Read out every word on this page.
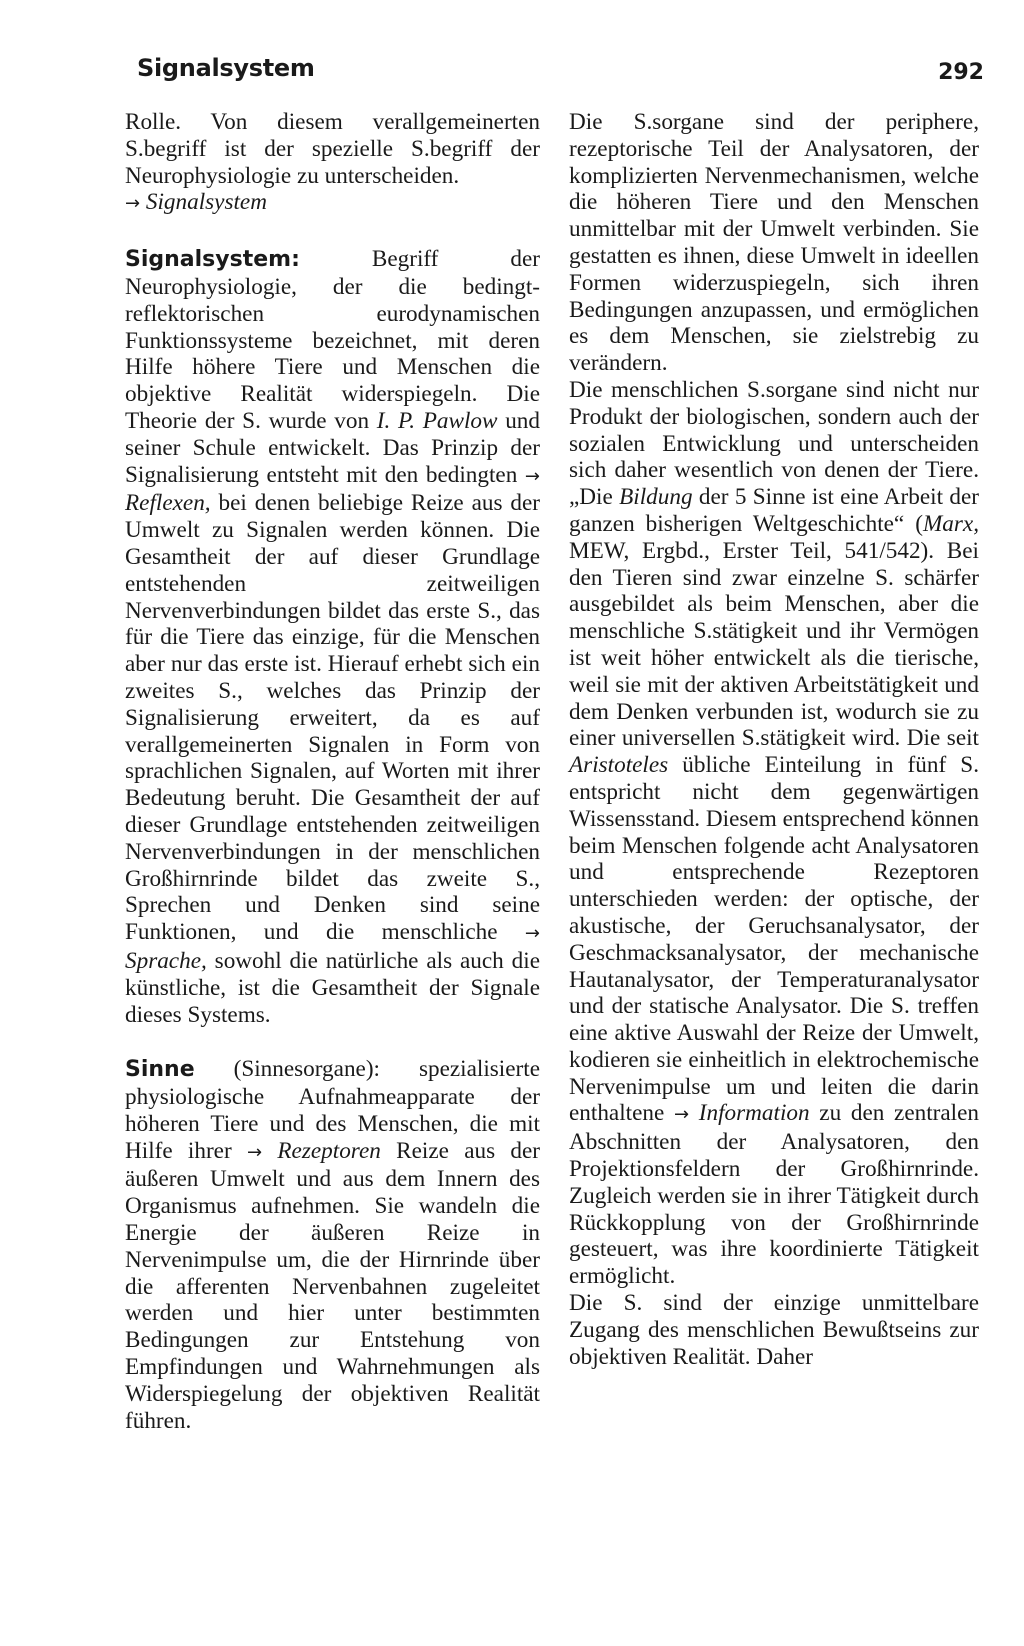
Signalsystem	292

Rolle. Von diesem verallgemeinerten S.begriff ist der spezielle S.begriff der Neurophysiologie zu unterscheiden.
→ Signalsystem

Signalsystem: Begriff der Neurophysiologie, der die bedingt-reflektorischen eurodynamischen Funktionssysteme bezeichnet, mit deren Hilfe höhere Tiere und Menschen die objektive Realität widerspiegeln. Die Theorie der S. wurde von I. P. Pawlow und seiner Schule entwickelt. Das Prinzip der Signalisierung entsteht mit den bedingten → Reflexen, bei denen beliebige Reize aus der Umwelt zu Signalen werden können. Die Gesamtheit der auf dieser Grundlage entstehenden zeitweiligen Nervenverbindungen bildet das erste S., das für die Tiere das einzige, für die Menschen aber nur das erste ist. Hierauf erhebt sich ein zweites S., welches das Prinzip der Signalisierung erweitert, da es auf verallgemeinerten Signalen in Form von sprachlichen Signalen, auf Worten mit ihrer Bedeutung beruht. Die Gesamtheit der auf dieser Grundlage entstehenden zeitweiligen Nervenverbindungen in der menschlichen Großhirnrinde bildet das zweite S., Sprechen und Denken sind seine Funktionen, und die menschliche → Sprache, sowohl die natürliche als auch die künstliche, ist die Gesamtheit der Signale dieses Systems.

Sinne (Sinnesorgane): spezialisierte physiologische Aufnahmeapparate der höheren Tiere und des Menschen, die mit Hilfe ihrer → Rezeptoren Reize aus der äußeren Umwelt und aus dem Innern des Organismus aufnehmen. Sie wandeln die Energie der äußeren Reize in Nervenimpulse um, die der Hirnrinde über die afferenten Nervenbahnen zugeleitet werden und hier unter bestimmten Bedingungen zur Entstehung von Empfindungen und Wahrnehmungen als Widerspiegelung der objektiven Realität führen.

Die S.sorgane sind der periphere, rezeptorische Teil der Analysatoren, der komplizierten Nervenmechanismen, welche die höheren Tiere und den Menschen unmittelbar mit der Umwelt verbinden. Sie gestatten es ihnen, diese Umwelt in ideellen Formen widerzuspiegeln, sich ihren Bedingungen anzupassen, und ermöglichen es dem Menschen, sie zielstrebig zu verändern.

Die menschlichen S.sorgane sind nicht nur Produkt der biologischen, sondern auch der sozialen Entwicklung und unterscheiden sich daher wesentlich von denen der Tiere. „Die Bildung der 5 Sinne ist eine Arbeit der ganzen bisherigen Weltgeschichte“ (Marx, MEW, Ergbd., Erster Teil, 541/542). Bei den Tieren sind zwar einzelne S. schärfer ausgebildet als beim Menschen, aber die menschliche S.stätigkeit und ihr Vermögen ist weit höher entwickelt als die tierische, weil sie mit der aktiven Arbeitstätigkeit und dem Denken verbunden ist, wodurch sie zu einer universellen S.stätigkeit wird. Die seit Aristoteles übliche Einteilung in fünf S. entspricht nicht dem gegenwärtigen Wissensstand. Diesem entsprechend können beim Menschen folgende acht Analysatoren und entsprechende Rezeptoren unterschieden werden: der optische, der akustische, der Geruchsanalysator, der Geschmacksanalysator, der mechanische Hautanalysator, der Temperaturanalysator und der statische Analysator. Die S. treffen eine aktive Auswahl der Reize der Umwelt, kodieren sie einheitlich in elektrochemische Nervenimpulse um und leiten die darin enthaltene → Information zu den zentralen Abschnitten der Analysatoren, den Projektionsfeldern der Großhirnrinde. Zugleich werden sie in ihrer Tätigkeit durch Rückkopplung von der Großhirnrinde gesteuert, was ihre koordinierte Tätigkeit ermöglicht.

Die S. sind der einzige unmittelbare Zugang des menschlichen Bewußtseins zur objektiven Realität. Daher
